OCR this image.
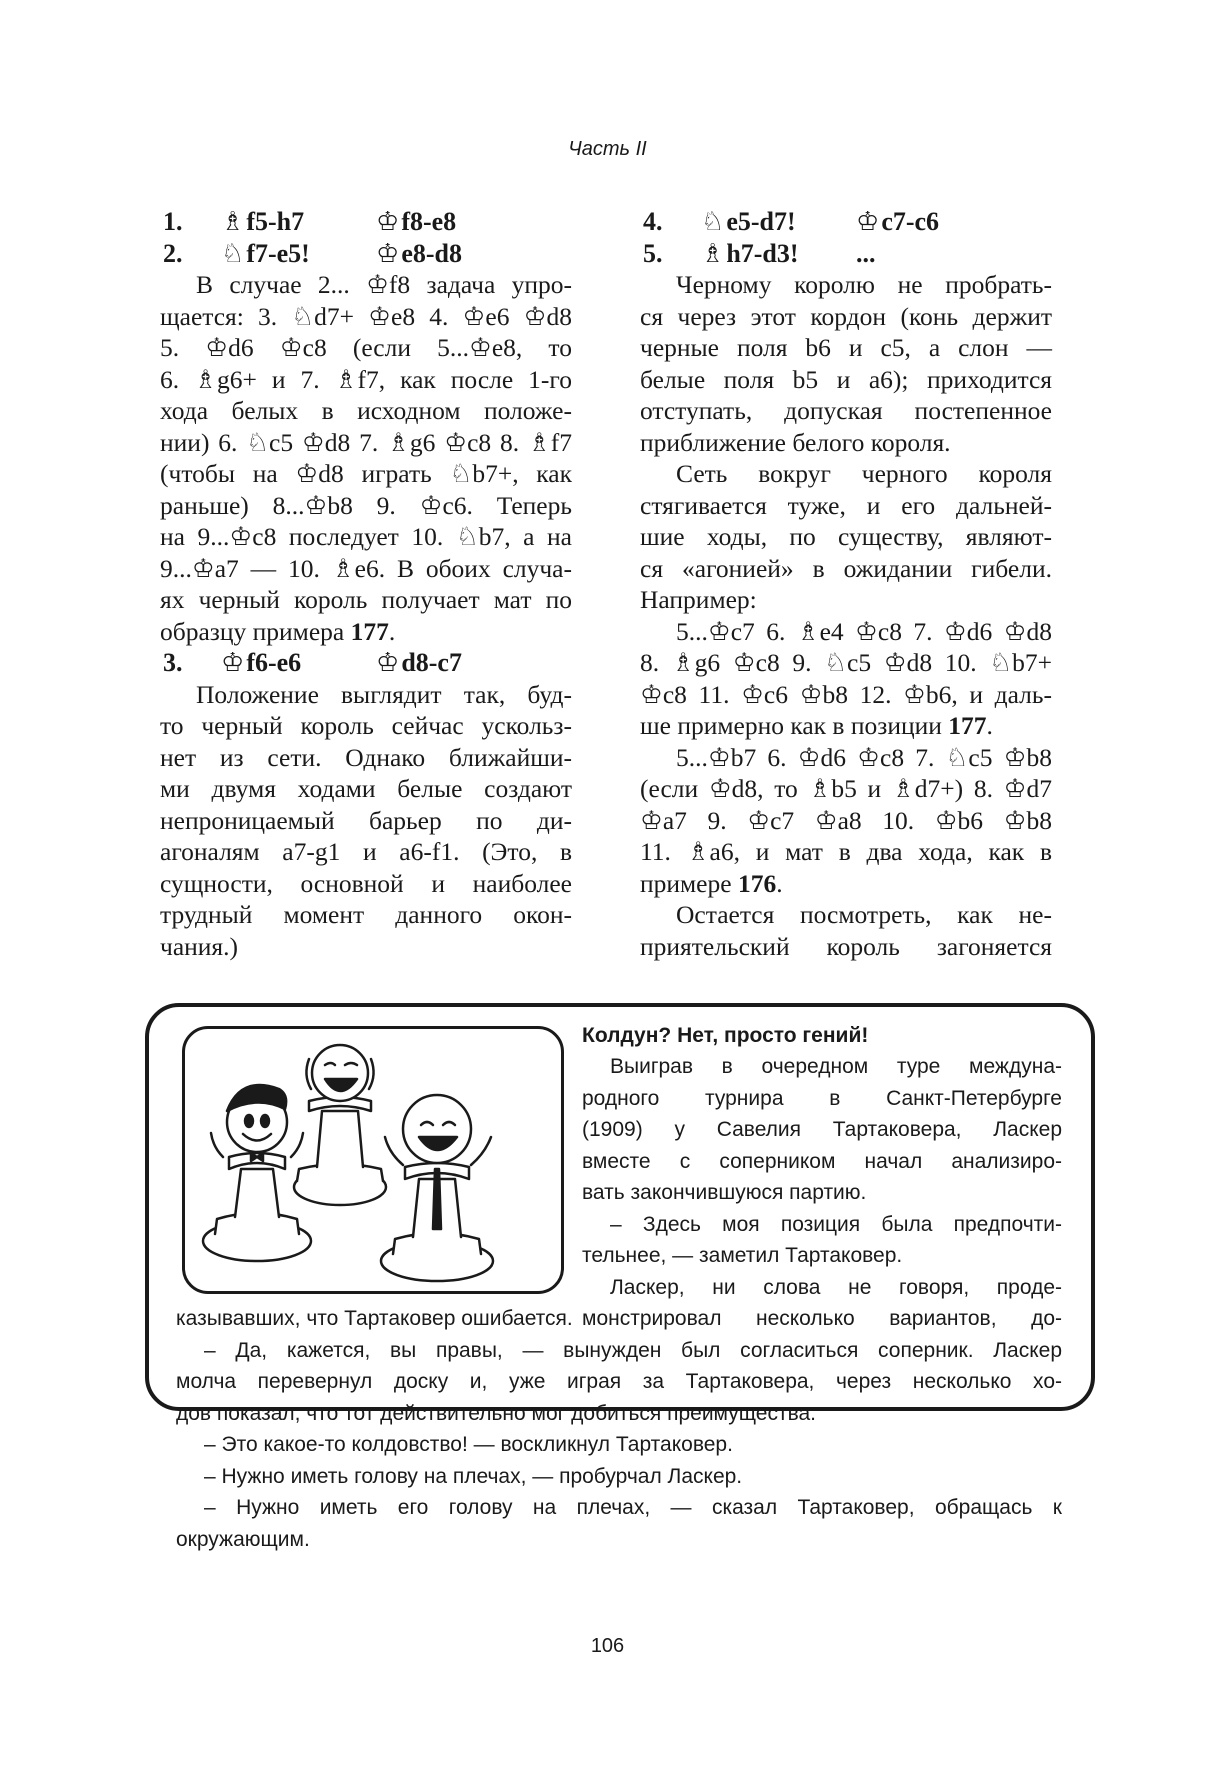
Часть II
1.	♗f5-h7	♔f8-e8
2.	♘f7-e5!	♔e8-d8
В случае 2... ♔f8 задача упро-
щается: 3. ♘d7+ ♔e8 4. ♔e6 ♔d8
5. ♔d6 ♔c8 (если 5...♔e8, то
6. ♗g6+ и 7. ♗f7, как после 1-го
хода белых в исходном положе-
нии) 6. ♘c5 ♔d8 7. ♗g6 ♔c8 8. ♗f7
(чтобы на ♔d8 играть ♘b7+, как
раньше) 8...♔b8 9. ♔c6. Теперь
на 9...♔c8 последует 10. ♘b7, а на
9...♔a7 — 10. ♗e6. В обоих случа-
ях черный король получает мат по
образцу примера 177.
3.	♔f6-e6	♔d8-c7
Положение выглядит так, буд-
то черный король сейчас ускольз-
нет из сети. Однако ближайши-
ми двумя ходами белые создают
непроницаемый барьер по ди-
агоналям a7-g1 и a6-f1. (Это, в
сущности, основной и наиболее
трудный момент данного окон-
чания.)
4.	♘e5-d7!	♔c7-c6
5.	♗h7-d3!	...
Черному королю не пробрать-
ся через этот кордон (конь держит
черные поля b6 и c5, а слон —
белые поля b5 и a6); приходится
отступать, допуская постепенное
приближение белого короля.
Сеть вокруг черного короля
стягивается туже, и его дальней-
шие ходы, по существу, являют-
ся «агонией» в ожидании гибели.
Например:
5...♔c7 6. ♗e4 ♔c8 7. ♔d6 ♔d8
8. ♗g6 ♔c8 9. ♘c5 ♔d8 10. ♘b7+
♔c8 11. ♔c6 ♔b8 12. ♔b6, и даль-
ше примерно как в позиции 177.
5...♔b7 6. ♔d6 ♔c8 7. ♘c5 ♔b8
(если ♔d8, то ♗b5 и ♗d7+) 8. ♔d7
♔a7 9. ♔c7 ♔a8 10. ♔b6 ♔b8
11. ♗a6, и мат в два хода, как в
примере 176.
Остается посмотреть, как не-
приятельский король загоняется
Колдун? Нет, просто гений!
Выиграв в очередном туре междуна-
родного турнира в Санкт-Петербурге
(1909) у Савелия Тартаковера, Ласкер
вместе с соперником начал анализиро-
вать закончившуюся партию.
– Здесь моя позиция была предпочти-
тельнее, — заметил Тартаковер.
Ласкер, ни слова не говоря, проде-
монстрировал несколько вариантов, до-
казывавших, что Тартаковер ошибается.
– Да, кажется, вы правы, — вынужден был согласиться соперник. Ласкер
молча перевернул доску и, уже играя за Тартаковера, через несколько хо-
дов показал, что тот действительно мог добиться преимущества.
– Это какое-то колдовство! — воскликнул Тартаковер.
– Нужно иметь голову на плечах, — пробурчал Ласкер.
– Нужно иметь его голову на плечах, — сказал Тартаковер, обращась к
окружающим.
106
